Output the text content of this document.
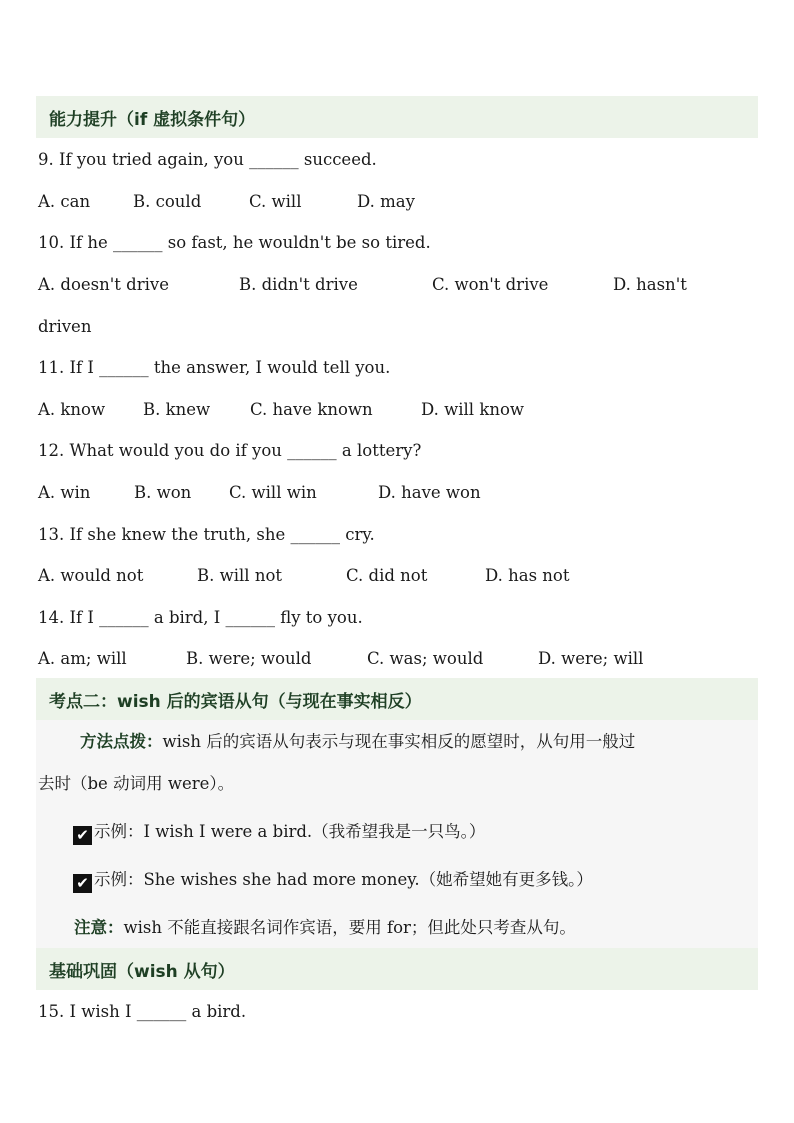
能力提升（if 虚拟条件句）
9. If you tried again, you ______ succeed.
A. can	B. could	C. will	D. may
10. If he ______ so fast, he wouldn't be so tired.
A. doesn't drive	B. didn't drive	C. won't drive	D. hasn't
driven
11. If I ______ the answer, I would tell you.
A. know B. knew C. have known	D. will know
12. What would you do if you ______ a lottery?
A. win	B. won C. will win	D. have won
13. If she knew the truth, she ______ cry.
A. would not	B. will not	C. did not	D. has not
14. If I ______ a bird, I ______ fly to you.
A. am; will	B. were; would	C. was; would	D. were; will
考点二：wish 后的宾语从句（与现在事实相反）
方法点拨：wish 后的宾语从句表示与现在事实相反的愿望时，从句用一般过
去时（be 动词用 were）。
✔ 示例：I wish I were a bird.（我希望我是一只鸟。）
✔ 示例：She wishes she had more money.（她希望她有更多钱。）
注意：wish 不能直接跟名词作宾语，要用 for；但此处只考查从句。
基础巩固（wish 从句）
15. I wish I ______ a bird.
